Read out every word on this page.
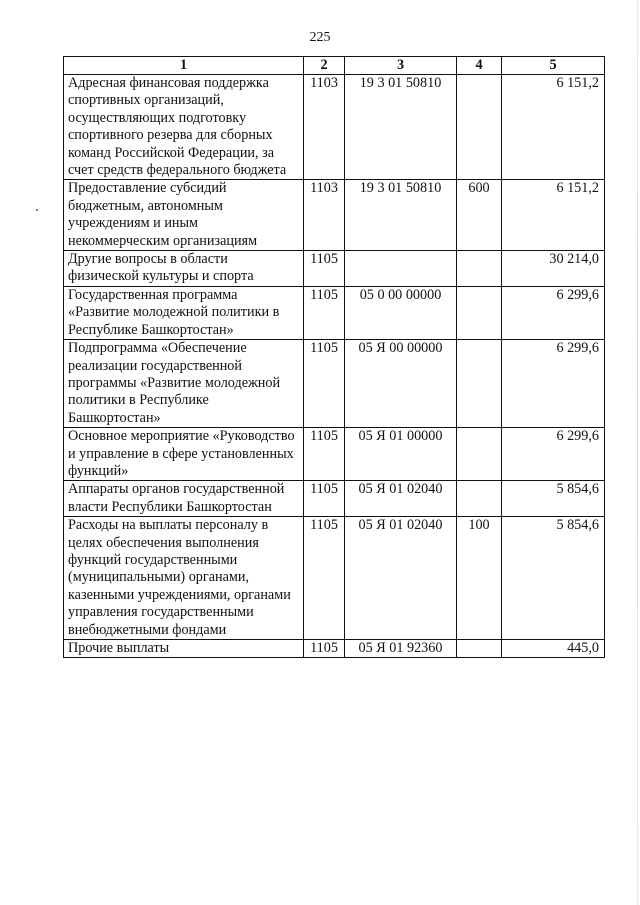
225
1	2	3	4	5
Адресная финансовая поддержка спортивных организаций, осуществляющих подготовку спортивного резерва для сборных команд Российской Федерации, за счет средств федерального бюджета	1103	19 3 01 50810		6 151,2
Предоставление субсидий бюджетным, автономным учреждениям и иным некоммерческим организациям	1103	19 3 01 50810	600	6 151,2
Другие вопросы в области физической культуры и спорта	1105			30 214,0
Государственная программа «Развитие молодежной политики в Республике Башкортостан»	1105	05 0 00 00000		6 299,6
Подпрограмма «Обеспечение реализации государственной программы «Развитие молодежной политики в Республике Башкортостан»	1105	05 Я 00 00000		6 299,6
Основное мероприятие «Руководство и управление в сфере установленных функций»	1105	05 Я 01 00000		6 299,6
Аппараты органов государственной власти Республики Башкортостан	1105	05 Я 01 02040		5 854,6
Расходы на выплаты персоналу в целях обеспечения выполнения функций государственными (муниципальными) органами, казенными учреждениями, органами управления государственными внебюджетными фондами	1105	05 Я 01 02040	100	5 854,6
Прочие выплаты	1105	05 Я 01 92360		445,0
